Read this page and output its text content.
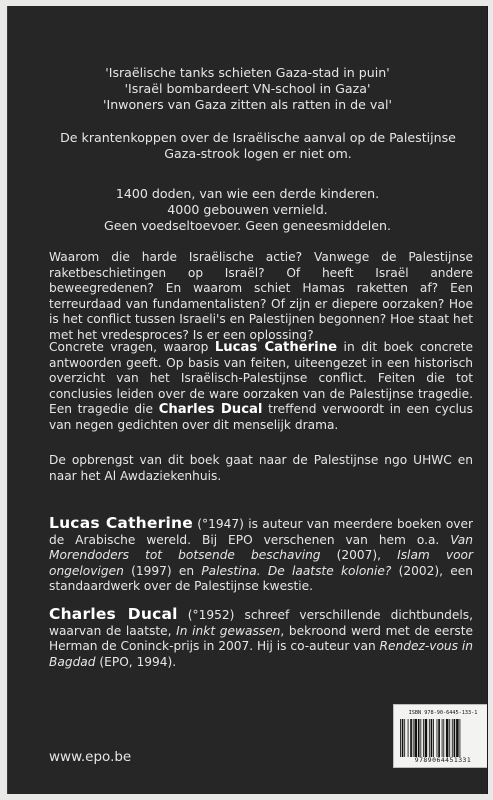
'Israëlische tanks schieten Gaza-stad in puin'
'Israël bombardeert VN-school in Gaza'
'Inwoners van Gaza zitten als ratten in de val'
De krantenkoppen over de Israëlische aanval op de Palestijnse Gaza-strook logen er niet om.
1400 doden, van wie een derde kinderen.
4000 gebouwen vernield.
Geen voedseltoevoer. Geen geneesmiddelen.
Waarom die harde Israëlische actie? Vanwege de Palestijnse raketbeschietingen op Israël? Of heeft Israël andere beweegredenen? En waarom schiet Hamas raketten af? Een terreurdaad van fundamentalisten? Of zijn er diepere oorzaken? Hoe is het conflict tussen Israeli's en Palestijnen begonnen? Hoe staat het met het vredesproces? Is er een oplossing?
Concrete vragen, waarop Lucas Catherine in dit boek concrete antwoorden geeft. Op basis van feiten, uiteengezet in een historisch overzicht van het Israëlisch-Palestijnse conflict. Feiten die tot conclusies leiden over de ware oorzaken van de Palestijnse tragedie. Een tragedie die Charles Ducal treffend verwoordt in een cyclus van negen gedichten over dit menselijk drama.
De opbrengst van dit boek gaat naar de Palestijnse ngo UHWC en naar het Al Awdaziekenhuis.
Lucas Catherine (°1947) is auteur van meerdere boeken over de Arabische wereld. Bij EPO verschenen van hem o.a. Van Morendoders tot botsende beschaving (2007), Islam voor ongelovigen (1997) en Palestina. De laatste kolonie? (2002), een standaardwerk over de Palestijnse kwestie.
Charles Ducal (°1952) schreef verschillende dichtbundels, waarvan de laatste, In inkt gewassen, bekroond werd met de eerste Herman de Coninck-prijs in 2007. Hij is co-auteur van Rendez-vous in Bagdad (EPO, 1994).
www.epo.be
ISBN 978-90-6445-133-1
9789064451331
